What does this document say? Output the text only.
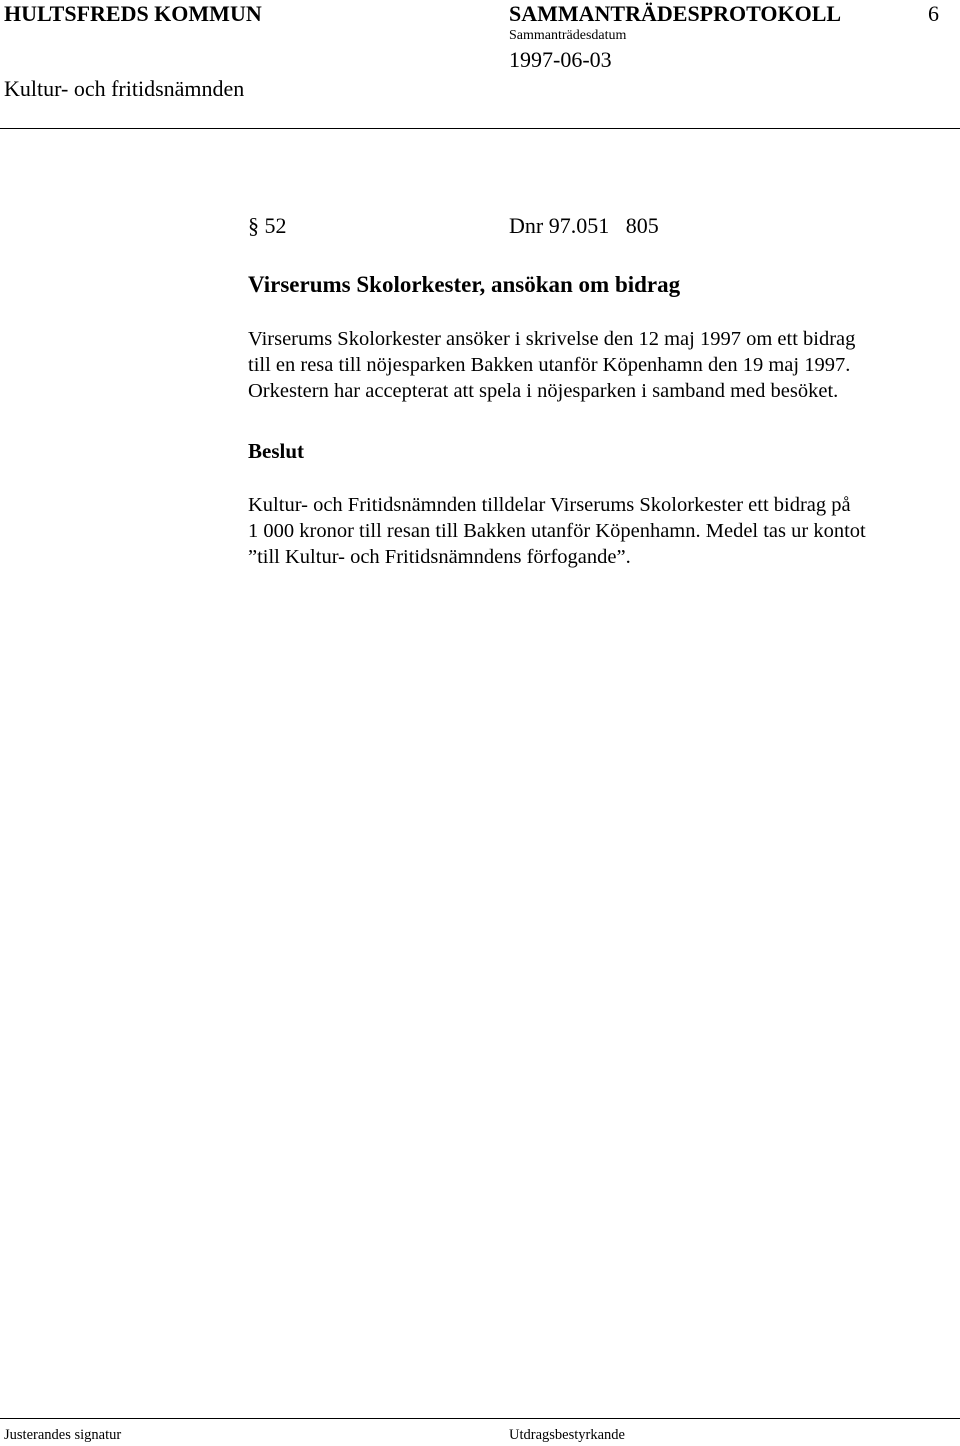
HULTSFREDS KOMMUN	SAMMANTRÄDESPROTOKOLL	6
Sammanträdesdatum
1997-06-03
Kultur- och fritidsnämnden
§ 52	Dnr 97.051   805
Virserums Skolorkester, ansökan om bidrag

Virserums Skolorkester ansöker i skrivelse den 12 maj 1997 om ett bidrag

till en resa till nöjesparken Bakken utanför Köpenhamn den 19 maj 1997.

Orkestern har accepterat att spela i nöjesparken i samband med besöket.

Beslut

Kultur- och Fritidsnämnden tilldelar Virserums Skolorkester ett bidrag på

1 000 kronor till resan till Bakken utanför Köpenhamn. Medel tas ur kontot

”till Kultur- och Fritidsnämndens förfogande”.

Justerandes signatur	Utdragsbestyrkande
